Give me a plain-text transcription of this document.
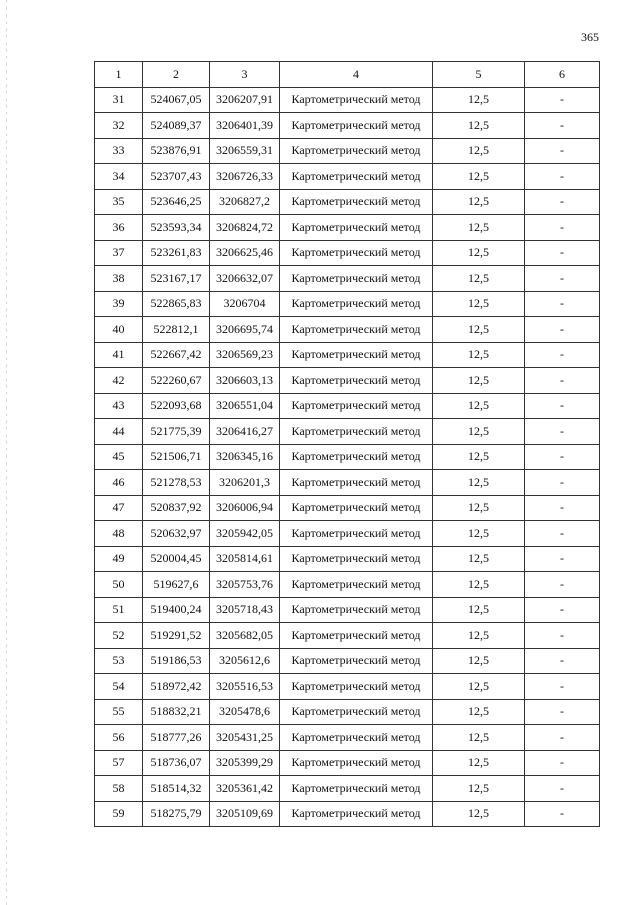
365
1	2	3	4	5	6
31	524067,05	3206207,91	Картометрический метод	12,5	-
32	524089,37	3206401,39	Картометрический метод	12,5	-
33	523876,91	3206559,31	Картометрический метод	12,5	-
34	523707,43	3206726,33	Картометрический метод	12,5	-
35	523646,25	3206827,2	Картометрический метод	12,5	-
36	523593,34	3206824,72	Картометрический метод	12,5	-
37	523261,83	3206625,46	Картометрический метод	12,5	-
38	523167,17	3206632,07	Картометрический метод	12,5	-
39	522865,83	3206704	Картометрический метод	12,5	-
40	522812,1	3206695,74	Картометрический метод	12,5	-
41	522667,42	3206569,23	Картометрический метод	12,5	-
42	522260,67	3206603,13	Картометрический метод	12,5	-
43	522093,68	3206551,04	Картометрический метод	12,5	-
44	521775,39	3206416,27	Картометрический метод	12,5	-
45	521506,71	3206345,16	Картометрический метод	12,5	-
46	521278,53	3206201,3	Картометрический метод	12,5	-
47	520837,92	3206006,94	Картометрический метод	12,5	-
48	520632,97	3205942,05	Картометрический метод	12,5	-
49	520004,45	3205814,61	Картометрический метод	12,5	-
50	519627,6	3205753,76	Картометрический метод	12,5	-
51	519400,24	3205718,43	Картометрический метод	12,5	-
52	519291,52	3205682,05	Картометрический метод	12,5	-
53	519186,53	3205612,6	Картометрический метод	12,5	-
54	518972,42	3205516,53	Картометрический метод	12,5	-
55	518832,21	3205478,6	Картометрический метод	12,5	-
56	518777,26	3205431,25	Картометрический метод	12,5	-
57	518736,07	3205399,29	Картометрический метод	12,5	-
58	518514,32	3205361,42	Картометрический метод	12,5	-
59	518275,79	3205109,69	Картометрический метод	12,5	-
